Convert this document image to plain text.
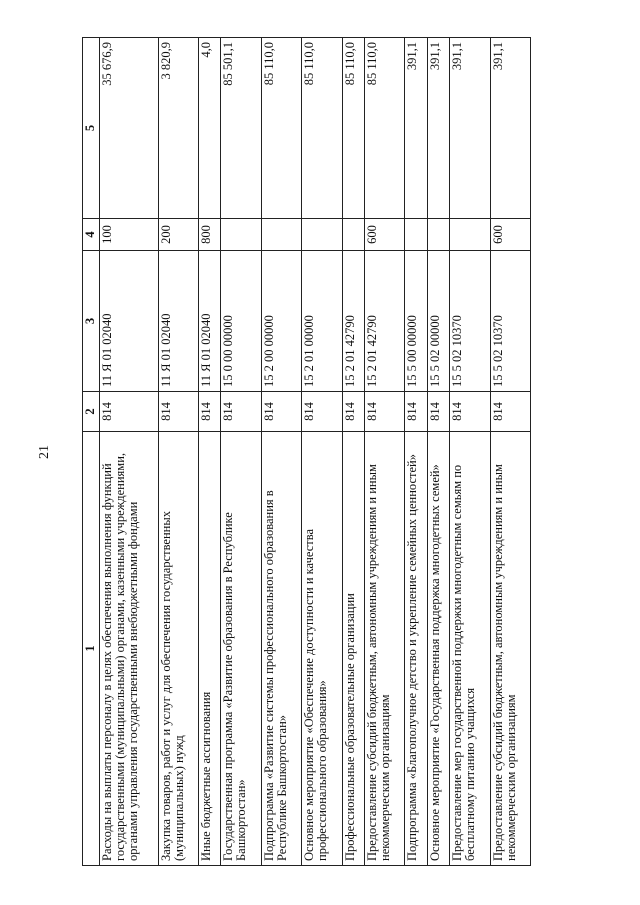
21
1	2	3	4	5
Расходы на выплаты персоналу в целях обеспечения выполнения функций государственными (муниципальными) органами, казенными учреждениями, органами управления государственными внебюджетными фондами	814	11 Я 01 02040	100	35 676,9
Закупка товаров, работ и услуг для обеспечения государственных (муниципальных) нужд	814	11 Я 01 02040	200	3 820,9
Иные бюджетные ассигнования	814	11 Я 01 02040	800	4,0
Государственная программа «Развитие образования в Республике Башкортостан»	814	15 0 00 00000		85 501,1
Подпрограмма «Развитие системы профессионального образования в Республике Башкортостан»	814	15 2 00 00000		85 110,0
Основное мероприятие «Обеспечение доступности и качества профессионального образования»	814	15 2 01 00000		85 110,0
Профессиональные образовательные организации	814	15 2 01 42790		85 110,0
Предоставление субсидий бюджетным, автономным учреждениям и иным некоммерческим организациям	814	15 2 01 42790	600	85 110,0
Подпрограмма «Благополучное детство и укрепление семейных ценностей»	814	15 5 00 00000		391,1
Основное мероприятие «Государственная поддержка многодетных семей»	814	15 5 02 00000		391,1
Предоставление мер государственной поддержки многодетным семьям по бесплатному питанию учащихся	814	15 5 02 10370		391,1
Предоставление субсидий бюджетным, автономным учреждениям и иным некоммерческим организациям	814	15 5 02 10370	600	391,1
